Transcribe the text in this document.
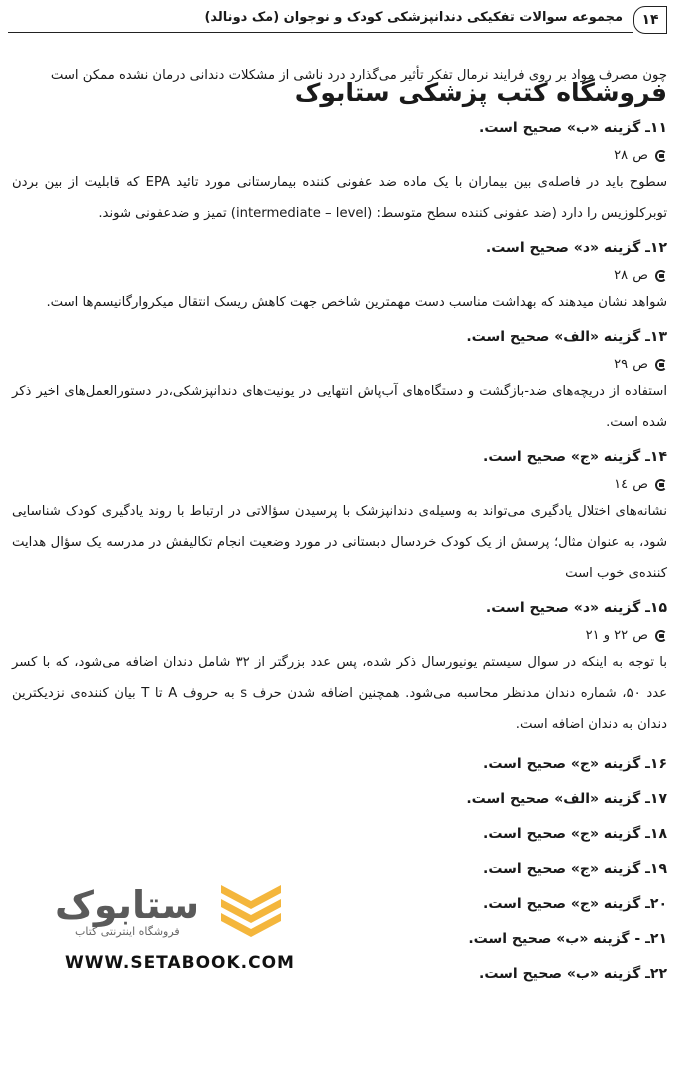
۱۴
مجموعه سوالات تفکیکی دندانپزشکی کودک و نوجوان (مک دونالد)
چون مصرف مواد بر روی فرایند نرمال تفکر تأثیر می‌گذارد درد ناشی از مشکلات دندانی درمان نشده ممکن است
فروشگاه کتب پزشکی ستابوک
۱۱ـ گزینه «ب» صحیح است.
ص ۲۸
سطوح باید در فاصله‌ی بین بیماران با یک ماده ضد عفونی کننده بیمارستانی مورد تائید EPA که قابلیت از بین بردن توبرکلوزیس را دارد (ضد عفونی کننده سطح متوسط: (intermediate – level) تمیز و ضدعفونی شوند.
۱۲ـ گزینه «د» صحیح است.
ص ۲۸
شواهد نشان میدهند که بهداشت مناسب دست مهمترین شاخص جهت کاهش ریسک انتقال میکروارگانیسم‌ها است.
۱۳ـ گزینه «الف» صحیح است.
ص ۲۹
استفاده از دریچه‌های ضد-بازگشت و دستگاه‌های آب‌پاش انتهایی در یونیت‌های دندانپزشکی،در دستورالعمل‌های اخیر ذکر شده است.
۱۴ـ گزینه «ج» صحیح است.
ص ۱٤
نشانه‌های اختلال یادگیری می‌تواند به وسیله‌ی دندانپزشک با پرسیدن سؤالاتی در ارتباط با روند یادگیری کودک شناسایی شود، به عنوان مثال؛ پرسش از یک کودک خردسال دبستانی در مورد وضعیت انجام تکالیفش در مدرسه یک سؤال هدایت کننده‌ی خوب است
۱۵ـ گزینه «د» صحیح است.
ص ۲۲ و ۲۱
با توجه به اینکه در سوال سیستم یونیورسال ذکر شده، پس عدد بزرگتر از ۳۲ شامل دندان اضافه می‌شود، که با کسر عدد ۵۰، شماره دندان مدنظر محاسبه می‌شود. همچنین اضافه شدن حرف s به حروف A تا T بیان کننده‌ی نزدیکترین دندان به دندان اضافه است.
۱۶ـ گزینه «ج» صحیح است.
۱۷ـ گزینه «الف» صحیح است.
۱۸ـ گزینه «ج» صحیح است.
۱۹ـ گزینه «ج» صحیح است.
۲۰ـ گزینه «ج» صحیح است.
۲۱ـ - گزینه «ب» صحیح است.
۲۲ـ گزینه «ب» صحیح است.
ستابوک
فروشگاه اینترنتی کتاب
WWW.SETABOOK.COM
